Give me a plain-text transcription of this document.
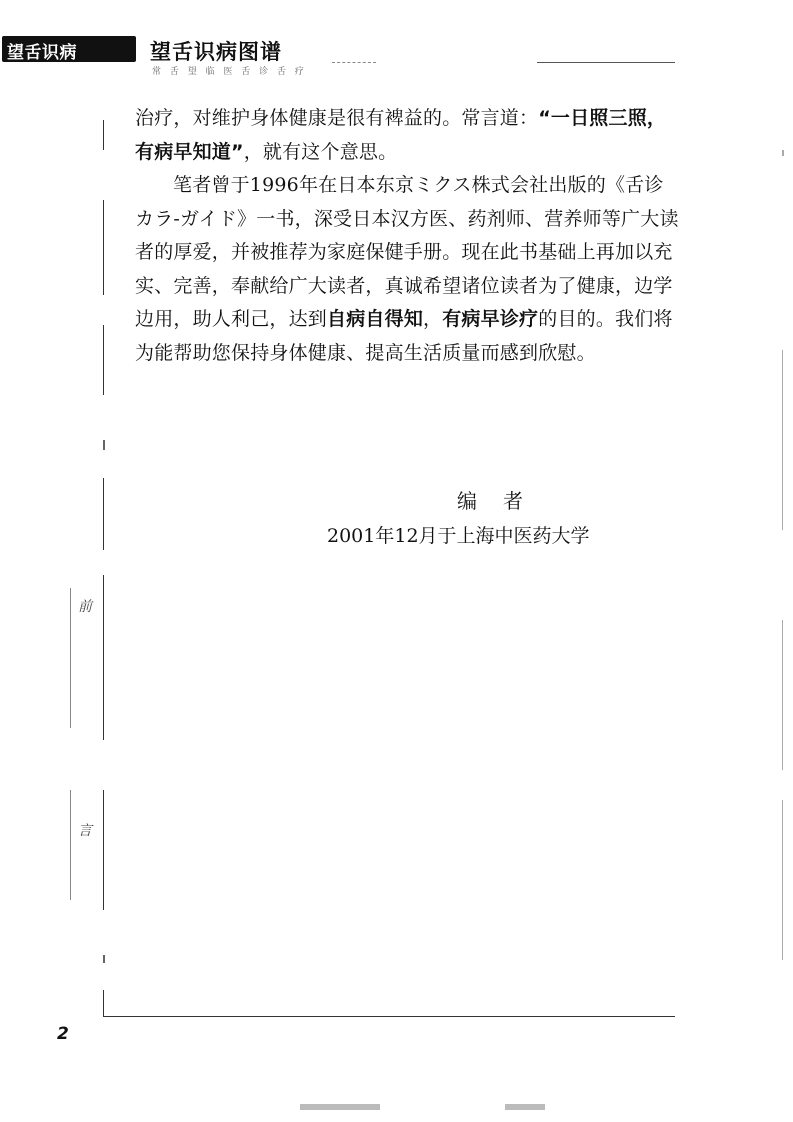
望舌识病	望舌识病图谱
常 舌 望 临 医 舌 诊 舌 疗

治疗，对维护身体健康是很有裨益的。常言道：“一日照三照，有病早知道”，就有这个意思。

笔者曾于1996年在日本东京ミクス株式会社出版的《舌诊カラ-ガイド》一书，深受日本汉方医、药剂师、营养师等广大读者的厚爱，并被推荐为家庭保健手册。现在此书基础上再加以充实、完善，奉献给广大读者，真诚希望诸位读者为了健康，边学边用，助人利己，达到自病自得知，有病早诊疗的目的。我们将为能帮助您保持身体健康、提高生活质量而感到欣慰。

编者
2001年12月于上海中医药大学
前
言
2
